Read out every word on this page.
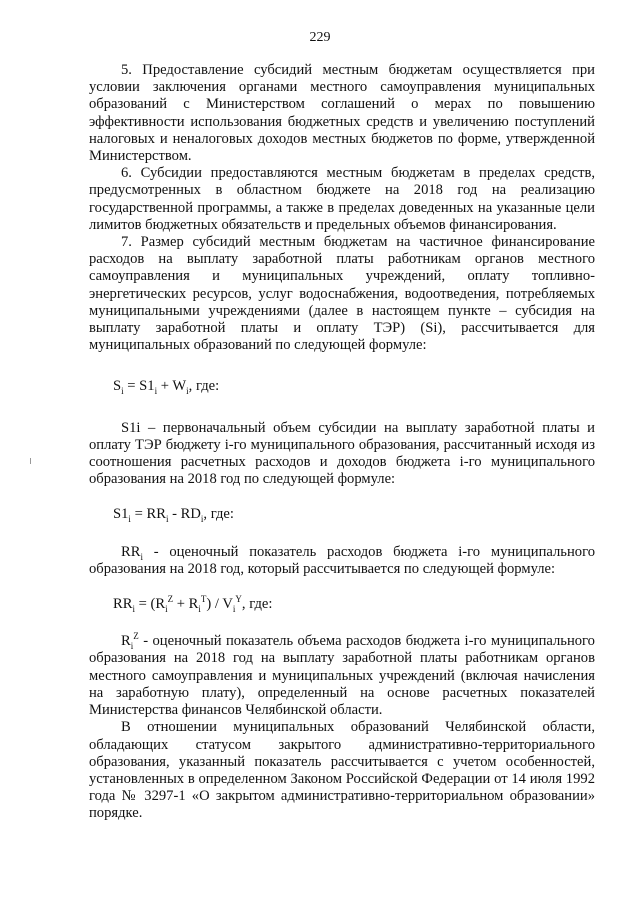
229

5. Предоставление субсидий местным бюджетам осуществляется при условии заключения органами местного самоуправления муниципальных образований с Министерством соглашений о мерах по повышению эффективности использования бюджетных средств и увеличению поступлений налоговых и неналоговых доходов местных бюджетов по форме, утвержденной Министерством.

6. Субсидии предоставляются местным бюджетам в пределах средств, предусмотренных в областном бюджете на 2018 год на реализацию государственной программы, а также в пределах доведенных на указанные цели лимитов бюджетных обязательств и предельных объемов финансирования.

7. Размер субсидий местным бюджетам на частичное финансирование расходов на выплату заработной платы работникам органов местного самоуправления и муниципальных учреждений, оплату топливно-энергетических ресурсов, услуг водоснабжения, водоотведения, потребляемых муниципальными учреждениями (далее в настоящем пункте – субсидия на выплату заработной платы и оплату ТЭР) (Si), рассчитывается для муниципальных образований по следующей формуле:

$S_i = S1_i + W_i$, где:

S1i – первоначальный объем субсидии на выплату заработной платы и оплату ТЭР бюджету i-го муниципального образования, рассчитанный исходя из соотношения расчетных расходов и доходов бюджета i-го муниципального образования на 2018 год по следующей формуле:

$S1_i = RR_i - RD_i$, где:

$RR_i$ - оценочный показатель расходов бюджета i-го муниципального образования на 2018 год, который рассчитывается по следующей формуле:

$RR_i = (R_i^Z + R_i^T) / V_i^Y$, где:

$R_i^Z$ - оценочный показатель объема расходов бюджета i-го муниципального образования на 2018 год на выплату заработной платы работникам органов местного самоуправления и муниципальных учреждений (включая начисления на заработную плату), определенный на основе расчетных показателей Министерства финансов Челябинской области.

В отношении муниципальных образований Челябинской области, обладающих статусом закрытого административно-территориального образования, указанный показатель рассчитывается с учетом особенностей, установленных в определенном Законом Российской Федерации от 14 июля 1992 года № 3297-1 «О закрытом административно-территориальном образовании» порядке.
